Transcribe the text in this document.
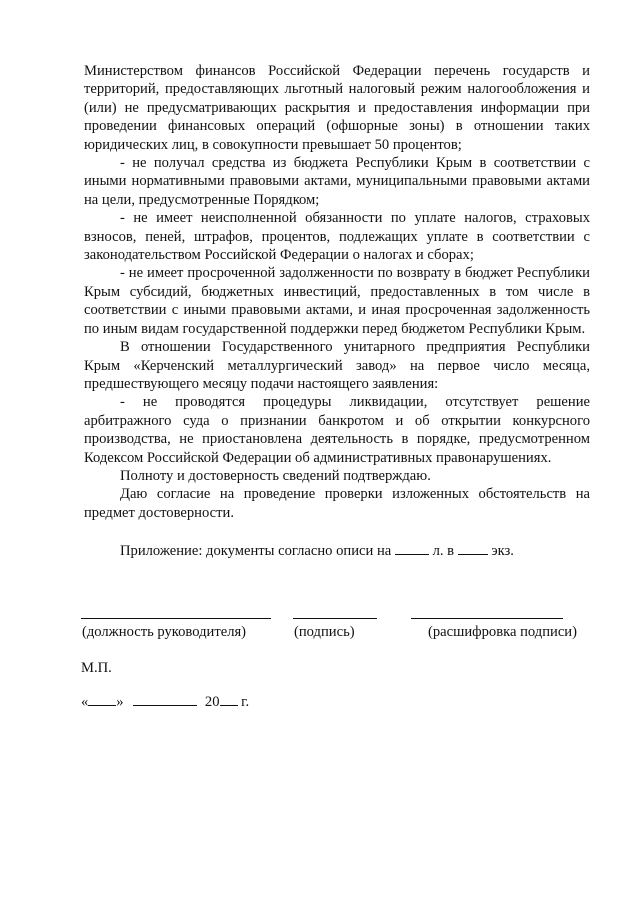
Министерством финансов Российской Федерации перечень государств и территорий, предоставляющих льготный налоговый режим налогообложения и (или) не предусматривающих раскрытия и предоставления информации при проведении финансовых операций (офшорные зоны) в отношении таких юридических лиц, в совокупности превышает 50 процентов;

- не получал средства из бюджета Республики Крым в соответствии с иными нормативными правовыми актами, муниципальными правовыми актами на цели, предусмотренные Порядком;

- не имеет неисполненной обязанности по уплате налогов, страховых взносов, пеней, штрафов, процентов, подлежащих уплате в соответствии с законодательством Российской Федерации о налогах и сборах;

- не имеет просроченной задолженности по возврату в бюджет Республики Крым субсидий, бюджетных инвестиций, предоставленных в том числе в соответствии с иными правовыми актами, и иная просроченная задолженность по иным видам государственной поддержки перед бюджетом Республики Крым.

В отношении Государственного унитарного предприятия Республики Крым «Керченский металлургический завод» на первое число месяца, предшествующего месяцу подачи настоящего заявления:

- не проводятся процедуры ликвидации, отсутствует решение арбитражного суда о признании банкротом и об открытии конкурсного производства, не приостановлена деятельность в порядке, предусмотренном Кодексом Российской Федерации об административных правонарушениях.

Полноту и достоверность сведений подтверждаю.

Даю согласие на проведение проверки изложенных обстоятельств на предмет достоверности.

Приложение: документы согласно описи на	л. в	экз.

(должность руководителя)	(подпись)	(расшифровка подписи)
М.П.
« »	20 г.
